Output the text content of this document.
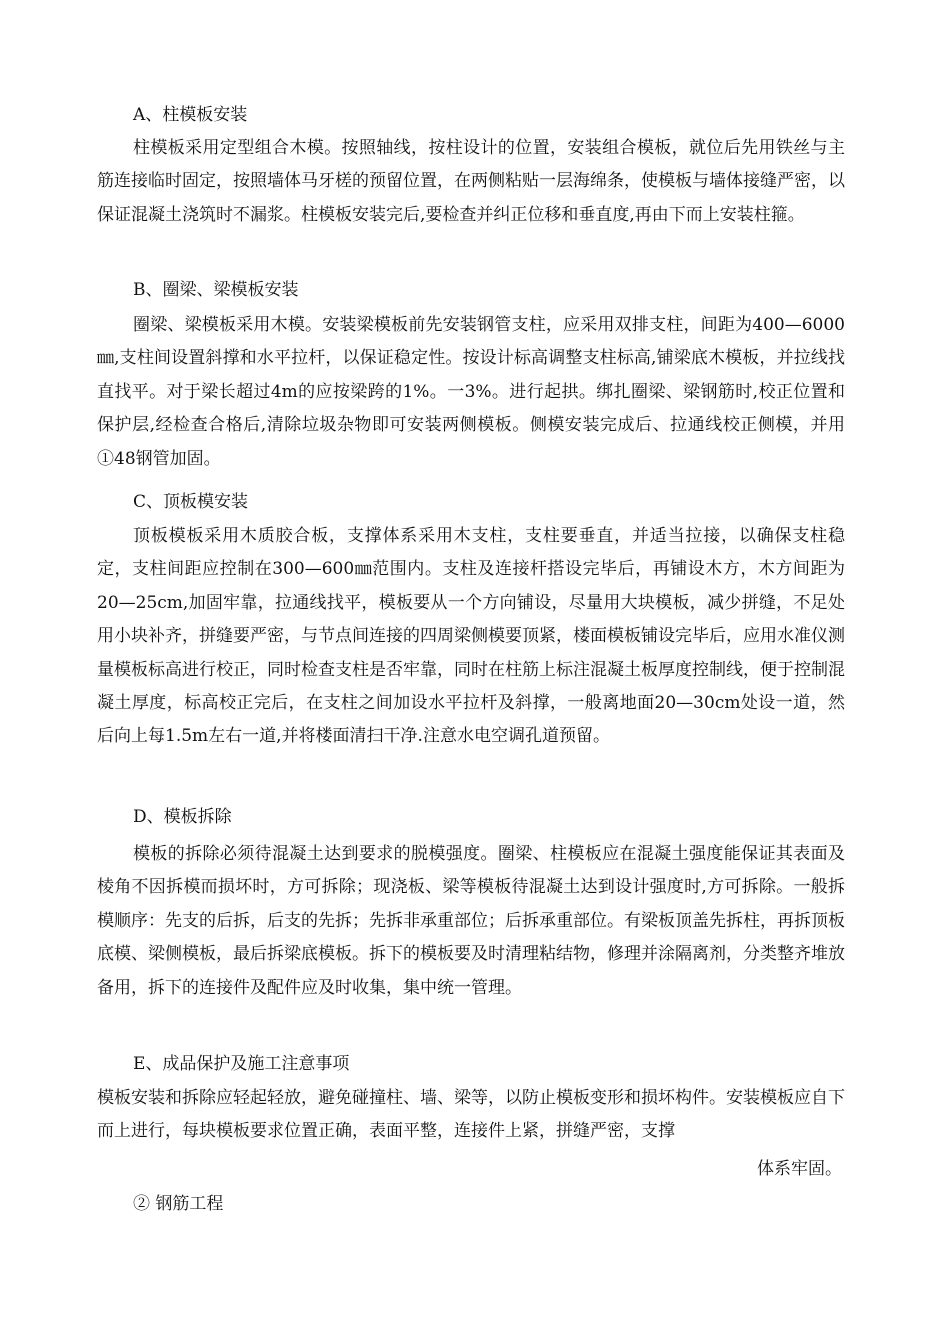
A、柱模板安装

柱模板采用定型组合木模。按照轴线，按柱设计的位置，安装组合模板，就位后先用铁丝与主筋连接临时固定，按照墙体马牙槎的预留位置，在两侧粘贴一层海绵条，使模板与墙体接缝严密，以保证混凝土浇筑时不漏浆。柱模板安装完后,要检查并纠正位移和垂直度,再由下而上安装柱箍。

B、圈梁、梁模板安装

圈梁、梁模板采用木模。安装梁模板前先安装钢管支柱，应采用双排支柱，间距为400—6000㎜,支柱间设置斜撑和水平拉杆，以保证稳定性。按设计标高调整支柱标高,铺梁底木模板，并拉线找直找平。对于梁长超过4m的应按梁跨的1%。一3%。进行起拱。绑扎圈梁、梁钢筋时,校正位置和保护层,经检查合格后,清除垃圾杂物即可安装两侧模板。侧模安装完成后、拉通线校正侧模，并用①48钢管加固。

C、顶板模安装

顶板模板采用木质胶合板，支撑体系采用木支柱，支柱要垂直，并适当拉接，以确保支柱稳定，支柱间距应控制在300—600㎜范围内。支柱及连接杆搭设完毕后，再铺设木方，木方间距为20—25cm,加固牢靠，拉通线找平，模板要从一个方向铺设，尽量用大块模板，减少拼缝，不足处用小块补齐，拼缝要严密，与节点间连接的四周梁侧模要顶紧，楼面模板铺设完毕后，应用水准仪测量模板标高进行校正，同时检查支柱是否牢靠，同时在柱筋上标注混凝土板厚度控制线，便于控制混凝土厚度，标高校正完后，在支柱之间加设水平拉杆及斜撑，一般离地面20—30cm处设一道，然后向上每1.5m左右一道,并将楼面清扫干净.注意水电空调孔道预留。

D、模板拆除

模板的拆除必须待混凝土达到要求的脱模强度。圈梁、柱模板应在混凝土强度能保证其表面及棱角不因拆模而损坏时，方可拆除；现浇板、梁等模板待混凝土达到设计强度时,方可拆除。一般拆模顺序：先支的后拆，后支的先拆；先拆非承重部位；后拆承重部位。有梁板顶盖先拆柱，再拆顶板底模、梁侧模板，最后拆梁底模板。拆下的模板要及时清理粘结物，修理并涂隔离剂，分类整齐堆放备用，拆下的连接件及配件应及时收集，集中统一管理。

E、成品保护及施工注意事项

模板安装和拆除应轻起轻放，避免碰撞柱、墙、梁等，以防止模板变形和损坏构件。安装模板应自下而上进行，每块模板要求位置正确，表面平整，连接件上紧，拼缝严密，支撑

体系牢固。
② 钢筋工程
